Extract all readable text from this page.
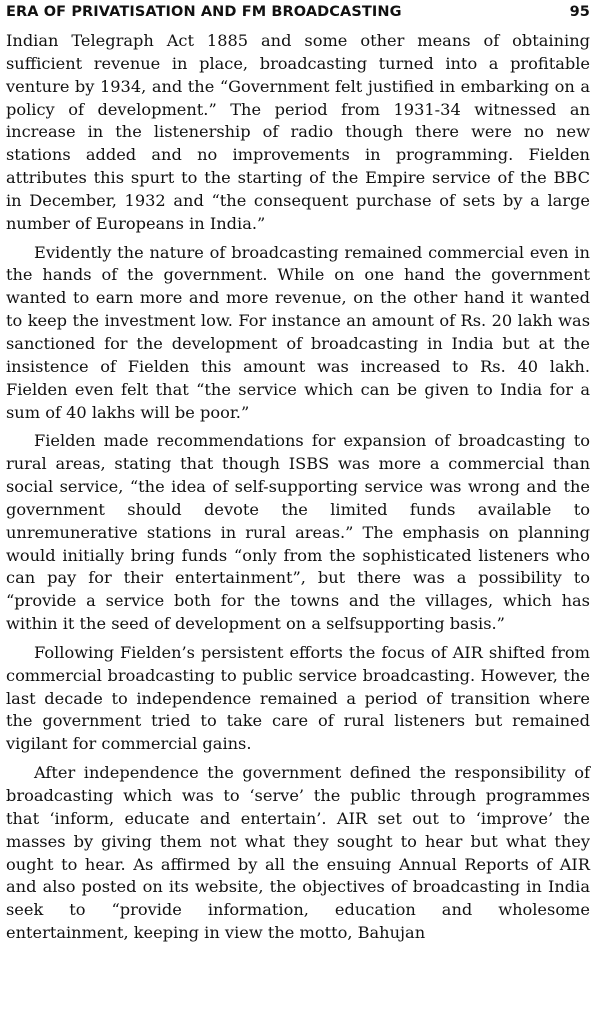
ERA OF PRIVATISATION AND FM BROADCASTING	95

Indian Telegraph Act 1885 and some other means of obtaining sufficient revenue in place, broadcasting turned into a profitable venture by 1934, and the “Government felt justified in embarking on a policy of development.” The period from 1931-34 witnessed an increase in the listenership of radio though there were no new stations added and no improvements in programming. Fielden attributes this spurt to the starting of the Empire service of the BBC in December, 1932 and “the consequent purchase of sets by a large number of Europeans in India.”

Evidently the nature of broadcasting remained commercial even in the hands of the government. While on one hand the government wanted to earn more and more revenue, on the other hand it wanted to keep the investment low. For instance an amount of Rs. 20 lakh was sanctioned for the development of broadcasting in India but at the insistence of Fielden this amount was increased to Rs. 40 lakh. Fielden even felt that “the service which can be given to India for a sum of 40 lakhs will be poor.”

Fielden made recommendations for expansion of broadcasting to rural areas, stating that though ISBS was more a commercial than social service, “the idea of self-supporting service was wrong and the government should devote the limited funds available to unremunerative stations in rural areas.” The emphasis on planning would initially bring funds “only from the sophisticated listeners who can pay for their entertainment”, but there was a possibility to “provide a service both for the towns and the villages, which has within it the seed of development on a selfsupporting basis.”

Following Fielden’s persistent efforts the focus of AIR shifted from commercial broadcasting to public service broadcasting. However, the last decade to independence remained a period of transition where the government tried to take care of rural listeners but remained vigilant for commercial gains.

After independence the government defined the responsibility of broadcasting which was to ‘serve’ the public through programmes that ‘inform, educate and entertain’. AIR set out to ‘improve’ the masses by giving them not what they sought to hear but what they ought to hear. As affirmed by all the ensuing Annual Reports of AIR and also posted on its website, the objectives of broadcasting in India seek to “provide information, education and wholesome entertainment, keeping in view the motto, Bahujan
